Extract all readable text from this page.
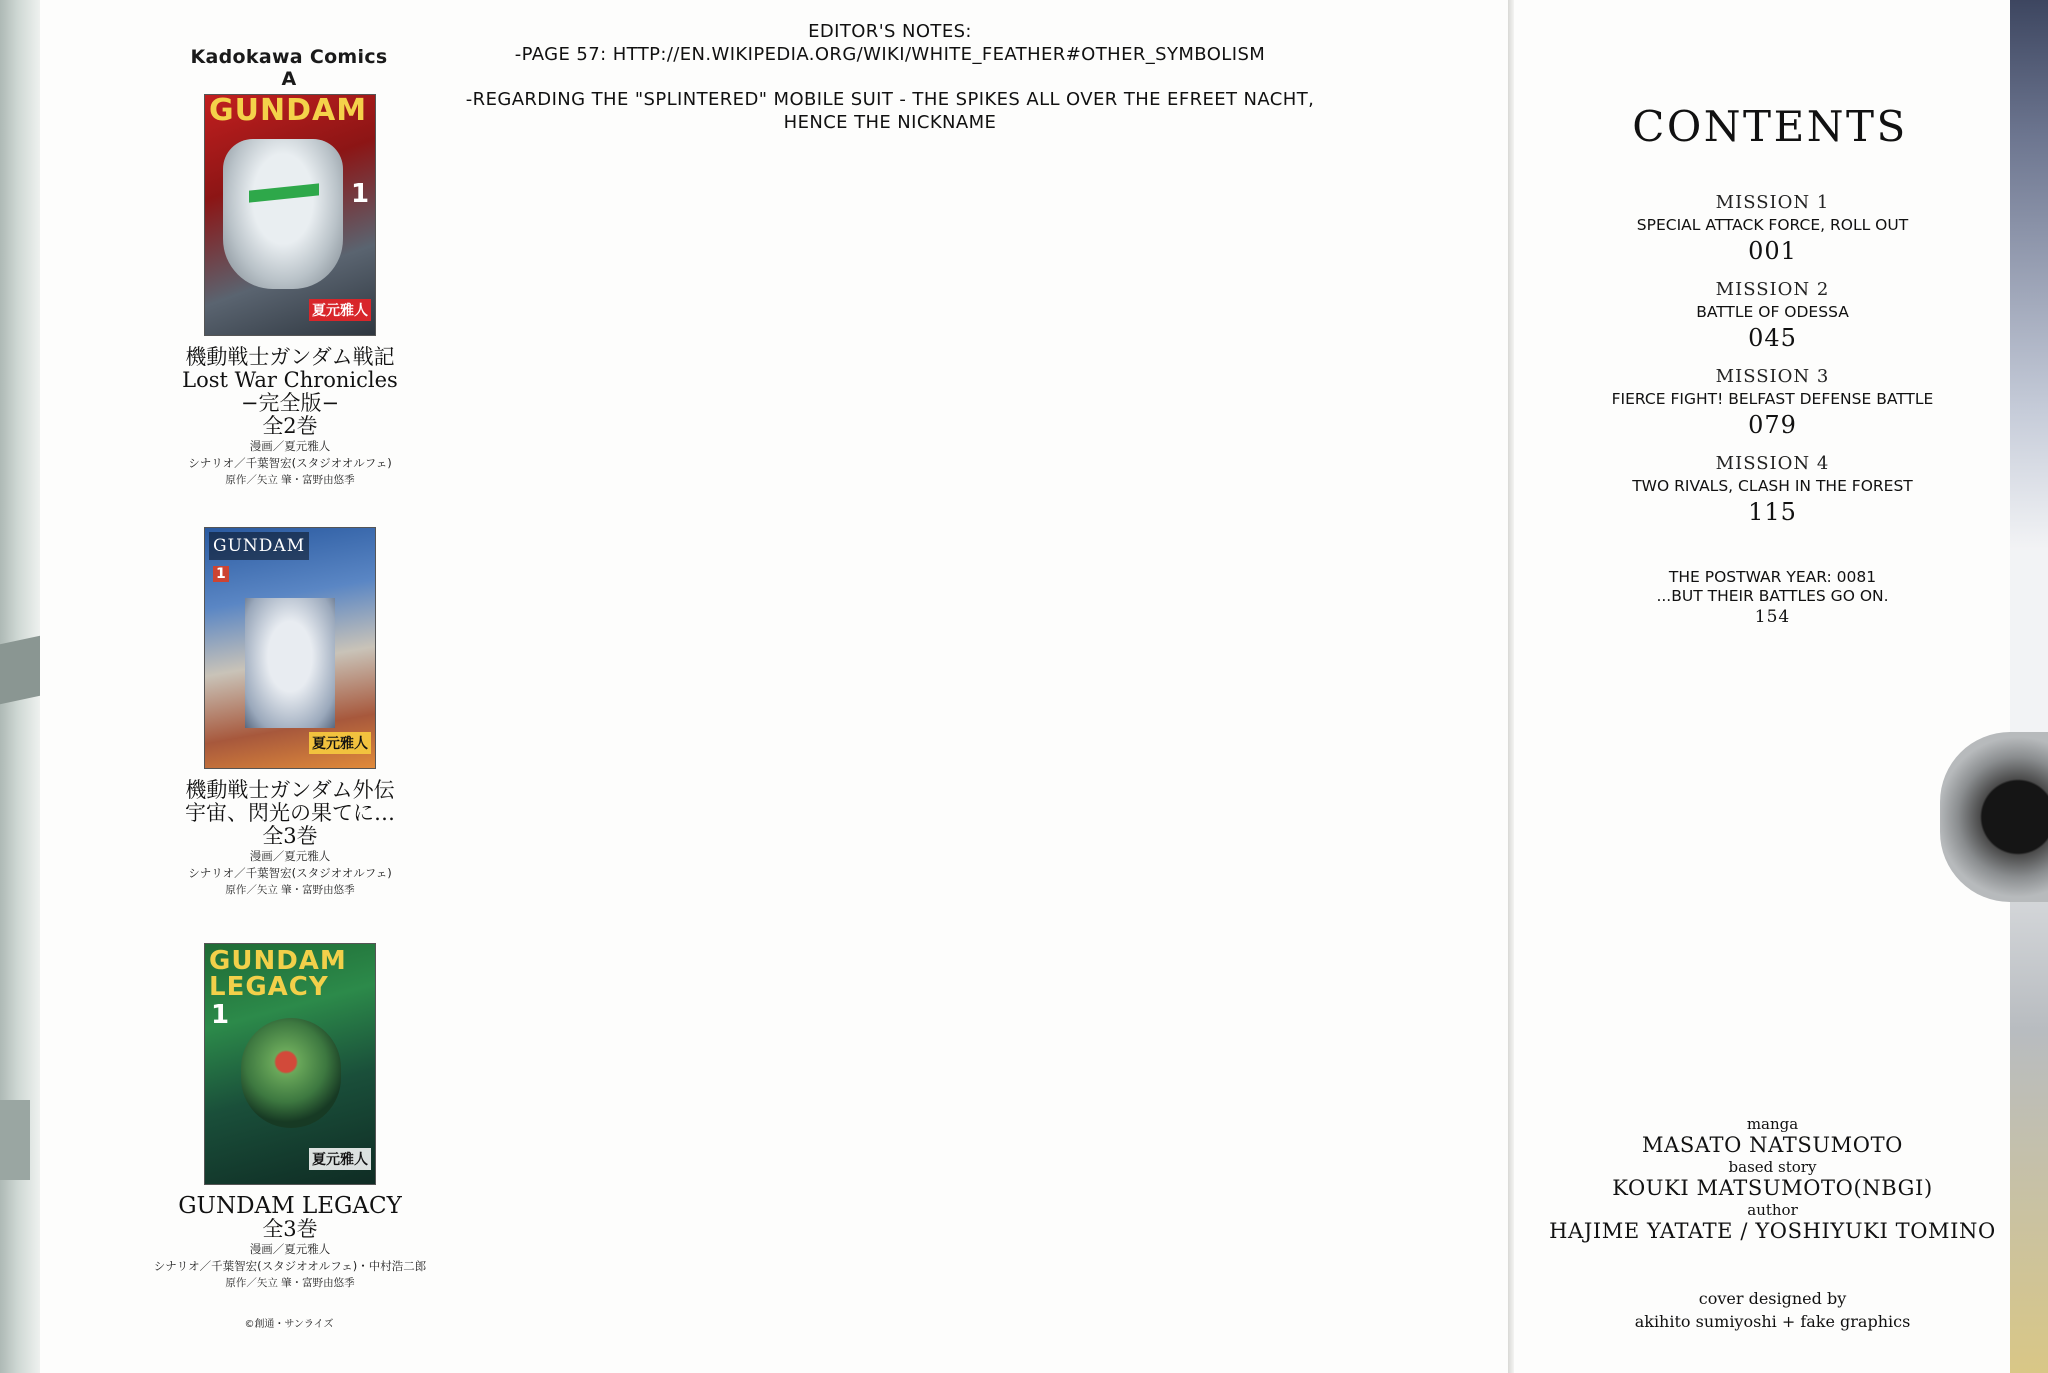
Kadokawa Comics A
GUNDAM
1
夏元雅人
機動戦士ガンダム戦記
Lost War Chronicles
−完全版−
全2巻
漫画／夏元雅人
シナリオ／千葉智宏(スタジオオルフェ)
原作／矢立 肇・富野由悠季
GUNDAM
1
夏元雅人
機動戦士ガンダム外伝
宇宙、閃光の果てに…
全3巻
漫画／夏元雅人
シナリオ／千葉智宏(スタジオオルフェ)
原作／矢立 肇・富野由悠季
GUNDAM LEGACY
1
夏元雅人
GUNDAM LEGACY
全3巻
漫画／夏元雅人
シナリオ／千葉智宏(スタジオオルフェ)・中村浩二郎
原作／矢立 肇・富野由悠季
©創通・サンライズ
EDITOR'S NOTES:
-PAGE 57: HTTP://EN.WIKIPEDIA.ORG/WIKI/WHITE_FEATHER#OTHER_SYMBOLISM
-REGARDING THE "SPLINTERED" MOBILE SUIT - THE SPIKES ALL OVER THE EFREET NACHT,
HENCE THE NICKNAME	CONTENTS
MISSION 1
SPECIAL ATTACK FORCE, ROLL OUT
001
MISSION 2
BATTLE OF ODESSA
045
MISSION 3
FIERCE FIGHT! BELFAST DEFENSE BATTLE
079
MISSION 4
TWO RIVALS, CLASH IN THE FOREST
115
THE POSTWAR YEAR: 0081
...BUT THEIR BATTLES GO ON.
154
manga
MASATO NATSUMOTO
based story
KOUKI MATSUMOTO(NBGI)
author
HAJIME YATATE / YOSHIYUKI TOMINO
cover designed by
akihito sumiyoshi + fake graphics
